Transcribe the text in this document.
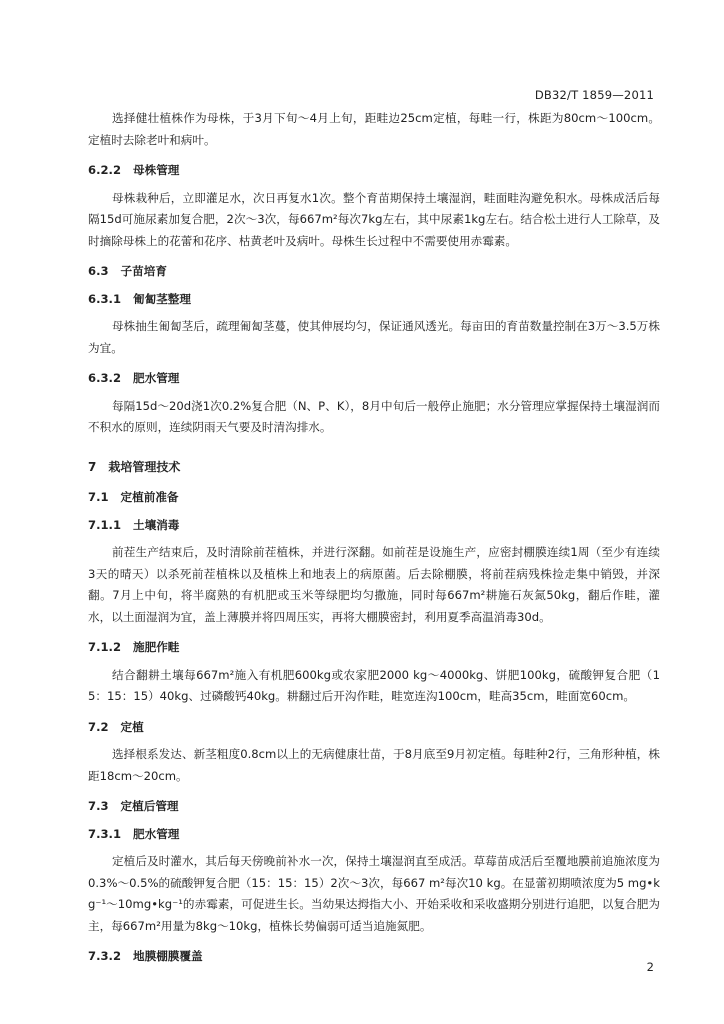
DB32/T 1859—2011

选择健壮植株作为母株，于3月下旬～4月上旬，距畦边25cm定植，每畦一行，株距为80cm～100cm。定植时去除老叶和病叶。

6.2.2 母株管理

母株栽种后，立即灌足水，次日再复水1次。整个育苗期保持土壤湿润，畦面畦沟避免积水。母株成活后每隔15d可施尿素加复合肥，2次～3次，每667m²每次7kg左右，其中尿素1kg左右。结合松土进行人工除草，及时摘除母株上的花蕾和花序、枯黄老叶及病叶。母株生长过程中不需要使用赤霉素。

6.3 子苗培育
6.3.1 匍匐茎整理

母株抽生匍匐茎后，疏理匍匐茎蔓，使其伸展均匀，保证通风透光。每亩田的育苗数量控制在3万～3.5万株为宜。

6.3.2 肥水管理

每隔15d～20d浇1次0.2%复合肥（N、P、K），8月中旬后一般停止施肥；水分管理应掌握保持土壤湿润而不积水的原则，连续阴雨天气要及时清沟排水。

7 栽培管理技术
7.1 定植前准备
7.1.1 土壤消毒

前茬生产结束后，及时清除前茬植株，并进行深翻。如前茬是设施生产，应密封棚膜连续1周（至少有连续3天的晴天）以杀死前茬植株以及植株上和地表上的病原菌。后去除棚膜，将前茬病残株捡走集中销毁，并深翻。7月上中旬，将半腐熟的有机肥或玉米等绿肥均匀撒施，同时每667m²耕施石灰氮50kg，翻后作畦，灌水，以土面湿润为宜，盖上薄膜并将四周压实，再将大棚膜密封，利用夏季高温消毒30d。

7.1.2 施肥作畦

结合翻耕土壤每667m²施入有机肥600kg或农家肥2000 kg～4000kg、饼肥100kg，硫酸钾复合肥（15：15：15）40kg、过磷酸钙40kg。耕翻过后开沟作畦，畦宽连沟100cm，畦高35cm，畦面宽60cm。

7.2 定植

选择根系发达、新茎粗度0.8cm以上的无病健康壮苗，于8月底至9月初定植。每畦种2行，三角形种植，株距18cm～20cm。

7.3 定植后管理
7.3.1 肥水管理

定植后及时灌水，其后每天傍晚前补水一次，保持土壤湿润直至成活。草莓苗成活后至覆地膜前追施浓度为0.3%～0.5%的硫酸钾复合肥（15：15：15）2次～3次，每667 m²每次10 kg。在显蕾初期喷浓度为5 mg•kg⁻¹～10mg•kg⁻¹的赤霉素，可促进生长。当幼果达拇指大小、开始采收和采收盛期分别进行追肥，以复合肥为主，每667m²用量为8kg～10kg，植株长势偏弱可适当追施氮肥。

7.3.2 地膜棚膜覆盖
2
